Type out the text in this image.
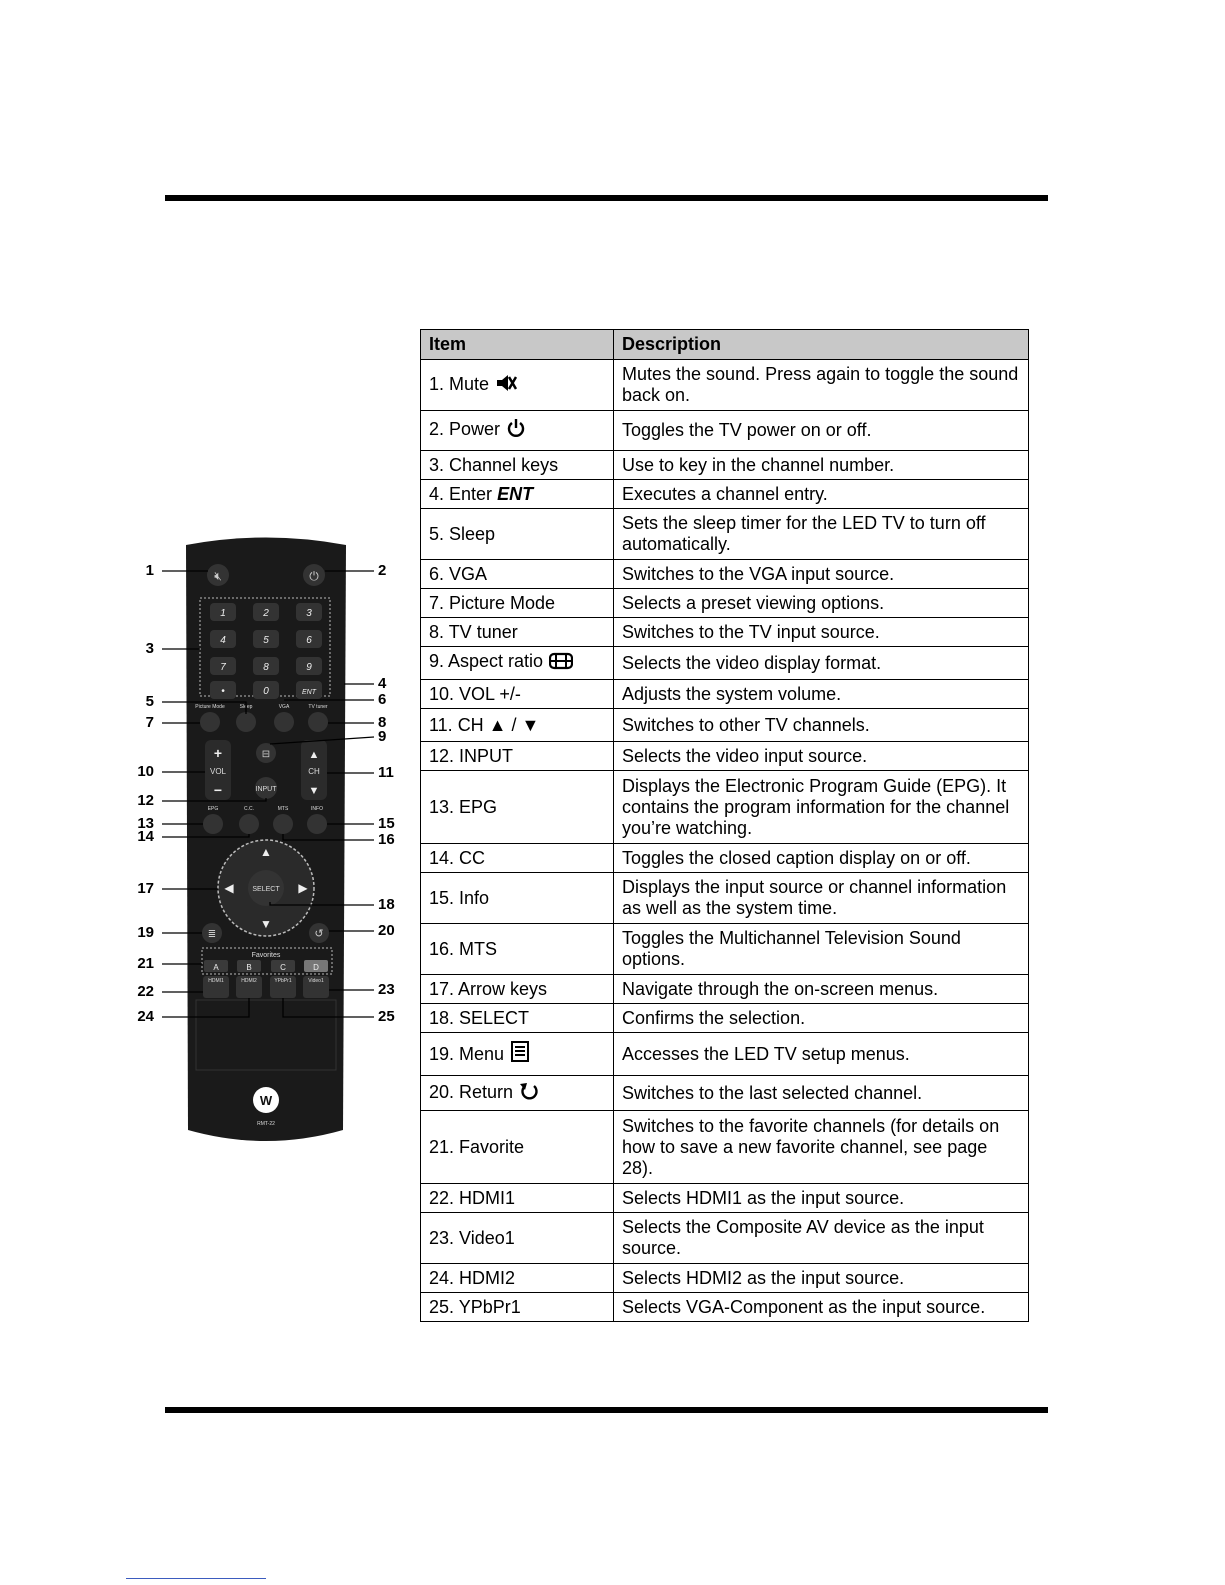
🔇︎	⏻
1	2	3
4	5	6
7	8	9
•	0	ENT
Picture Mode	Sleep	VGA	TV tuner
+
VOL
−
▲
CH
▼
⊟
INPUT
EPG	C.C.	MTS	INFO
SELECT
▲
▼
◀	▶
≣	↺
Favorites
A	B	C	D
HDMI1	HDMI2	YPbPr1	Video1
W
RMT-22
1	2
3
4
5	6
7	8
9
10	11
12
13
14
15
16
17
18
19	20
21
22	23
24	25
Item	Description
1. Mute	Mutes the sound. Press again to toggle the sound back on.
2. Power	Toggles the TV power on or off.
3. Channel keys	Use to key in the channel number.
4. Enter ENT	Executes a channel entry.
5. Sleep	Sets the sleep timer for the LED TV to turn off automatically.
6. VGA	Switches to the VGA input source.
7. Picture Mode	Selects a preset viewing options.
8. TV tuner	Switches to the TV input source.
9. Aspect ratio	Selects the video display format.
10. VOL +/-	Adjusts the system volume.
11. CH ▲ / ▼	Switches to other TV channels.
12. INPUT	Selects the video input source.
13. EPG	Displays the Electronic Program Guide (EPG). It contains the program information for the channel you’re watching.
14. CC	Toggles the closed caption display on or off.
15. Info	Displays the input source or channel information as well as the system time.
16. MTS	Toggles the Multichannel Television Sound options.
17. Arrow keys	Navigate through the on-screen menus.
18. SELECT	Confirms the selection.
19. Menu	Accesses the LED TV setup menus.
20. Return	Switches to the last selected channel.
21. Favorite	Switches to the favorite channels (for details on how to save a new favorite channel, see page 28).
22. HDMI1	Selects HDMI1 as the input source.
23. Video1	Selects the Composite AV device as the input source.
24. HDMI2	Selects HDMI2 as the input source.
25. YPbPr1	Selects VGA-Component as the input source.
